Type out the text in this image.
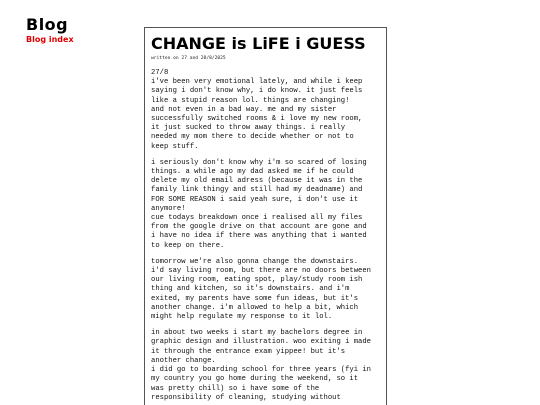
Blog
Blog index	CHANGE is LiFE i GUESS
written on 27 and 28/8/2025

27/8
i've been very emotional lately, and while i keep
saying i don't know why, i do know. it just feels
like a stupid reason lol. things are changing!
and not even in a bad way. me and my sister
successfully switched rooms & i love my new room,
it just sucked to throw away things. i really
needed my mom there to decide whether or not to
keep stuff.

i seriously don't know why i'm so scared of losing
things. a while ago my dad asked me if he could
delete my old email adress (because it was in the
family link thingy and still had my deadname) and
FOR SOME REASON i said yeah sure, i don't use it
anymore!
cue todays breakdown once i realised all my files
from the google drive on that account are gone and
i have no idea if there was anything that i wanted
to keep on there.

tomorrow we're also gonna change the downstairs.
i'd say living room, but there are no doors between
our living room, eating spot, play/study room ish
thing and kitchen, so it's downstairs. and i'm
exited, my parents have some fun ideas, but it's
another change. i'm allowed to help a bit, which
might help regulate my response to it lol.

in about two weeks i start my bachelors degree in
graphic design and illustration. woo exiting i made
it through the entrance exam yippee! but it's
another change.
i did go to boarding school for three years (fyi in
my country you go home during the weekend, so it
was pretty chill) so i have some of the
responsibility of cleaning, studying without
